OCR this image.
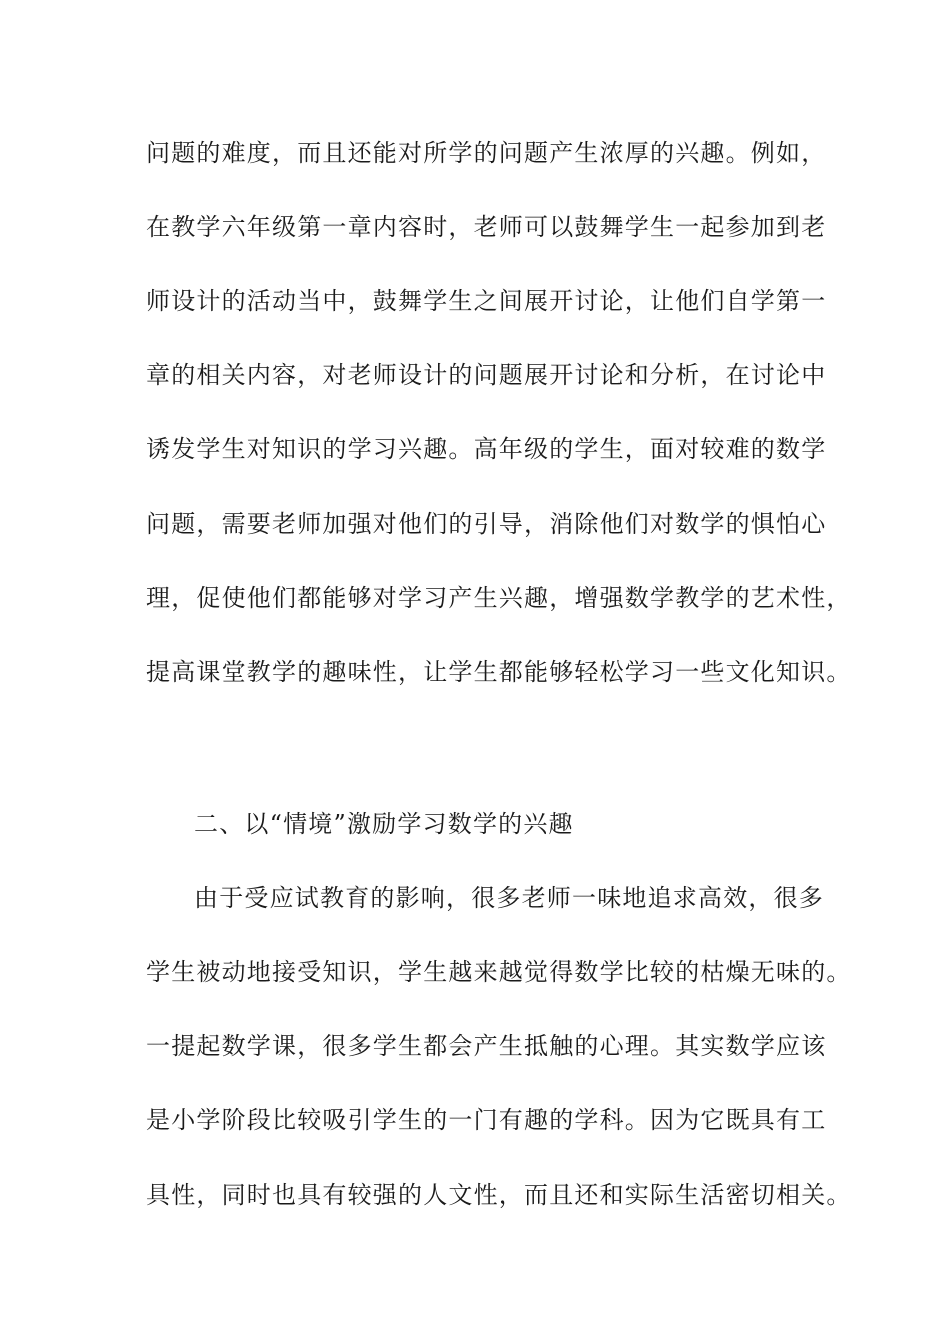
问题的难度，而且还能对所学的问题产生浓厚的兴趣。例如，
在教学六年级第一章内容时，老师可以鼓舞学生一起参加到老
师设计的活动当中，鼓舞学生之间展开讨论，让他们自学第一
章的相关内容，对老师设计的问题展开讨论和分析，在讨论中
诱发学生对知识的学习兴趣。高年级的学生，面对较难的数学
问题，需要老师加强对他们的引导，消除他们对数学的惧怕心
理，促使他们都能够对学习产生兴趣，增强数学教学的艺术性，
提高课堂教学的趣味性，让学生都能够轻松学习一些文化知识。
二、以“情境”激励学习数学的兴趣
由于受应试教育的影响，很多老师一味地追求高效，很多
学生被动地接受知识，学生越来越觉得数学比较的枯燥无味的。
一提起数学课，很多学生都会产生抵触的心理。其实数学应该
是小学阶段比较吸引学生的一门有趣的学科。因为它既具有工
具性，同时也具有较强的人文性，而且还和实际生活密切相关。
